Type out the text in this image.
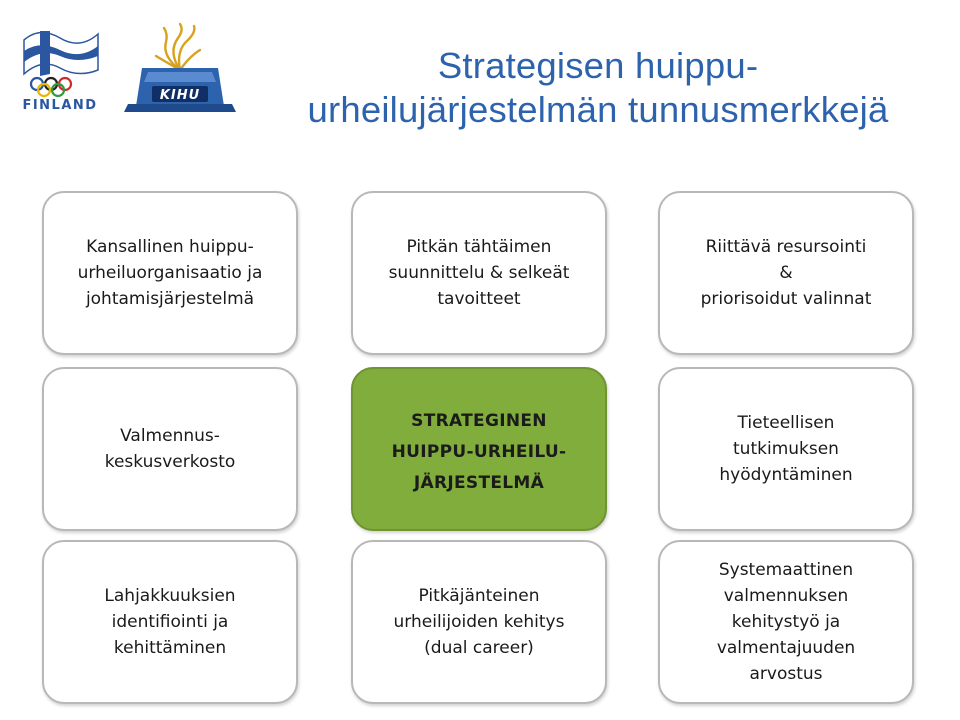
FINLAND
KIHU
Strategisen huippu-
urheilujärjestelmän tunnusmerkkejä
Kansallinen huippu-
urheiluorganisaatio ja
johtamisjärjestelmä
Pitkän tähtäimen
suunnittelu & selkeät
tavoitteet
Riittävä resursointi
&
priorisoidut valinnat
Valmennus-
keskusverkosto
STRATEGINEN
HUIPPU-URHEILU-
JÄRJESTELMÄ
Tieteellisen
tutkimuksen
hyödyntäminen
Lahjakkuuksien
identifiointi ja
kehittäminen
Pitkäjänteinen
urheilijoiden kehitys
(dual career)
Systemaattinen
valmennuksen
kehitystyö ja
valmentajuuden
arvostus
